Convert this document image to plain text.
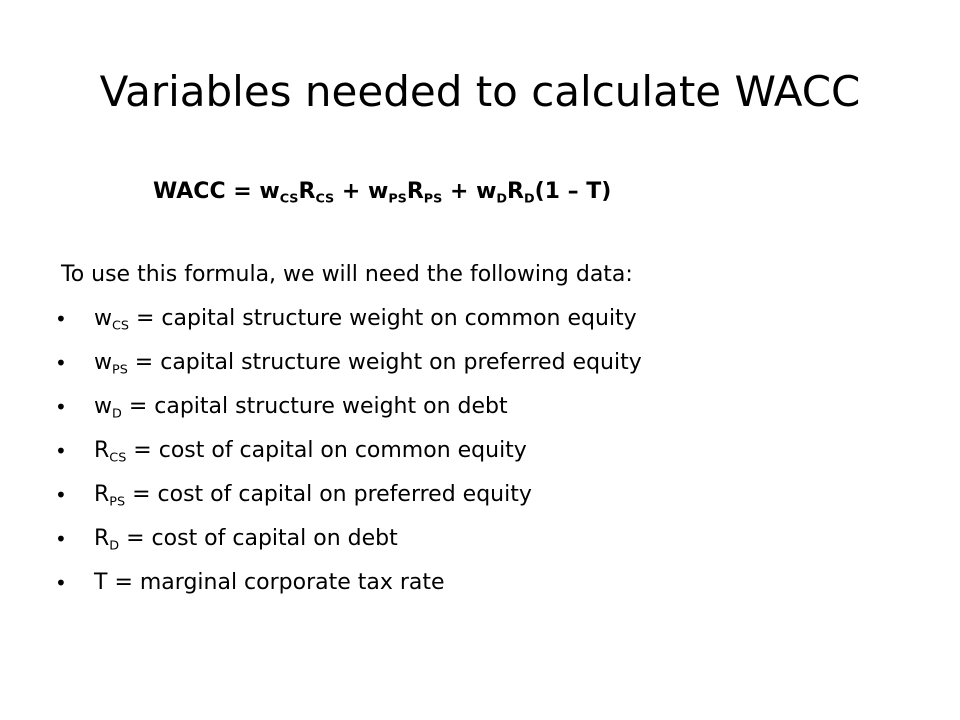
Variables needed to calculate WACC
WACC = $w_{CS}R_{CS} + w_{PS}R_{PS} + w_DR_D(1 - T)$
To use this formula, we will need the following data:
•	$w_{CS}$ = capital structure weight on common equity
•	$w_{PS}$ = capital structure weight on preferred equity
•	$w_D$ = capital structure weight on debt
•	$R_{CS} = \cos t$ of capital on common equity
•	$R_{PS} = \cos t$ of capital on preferred equity
•	$R_D = \cos t$ of capital on debt
•	T = marginal corporate tax rate
